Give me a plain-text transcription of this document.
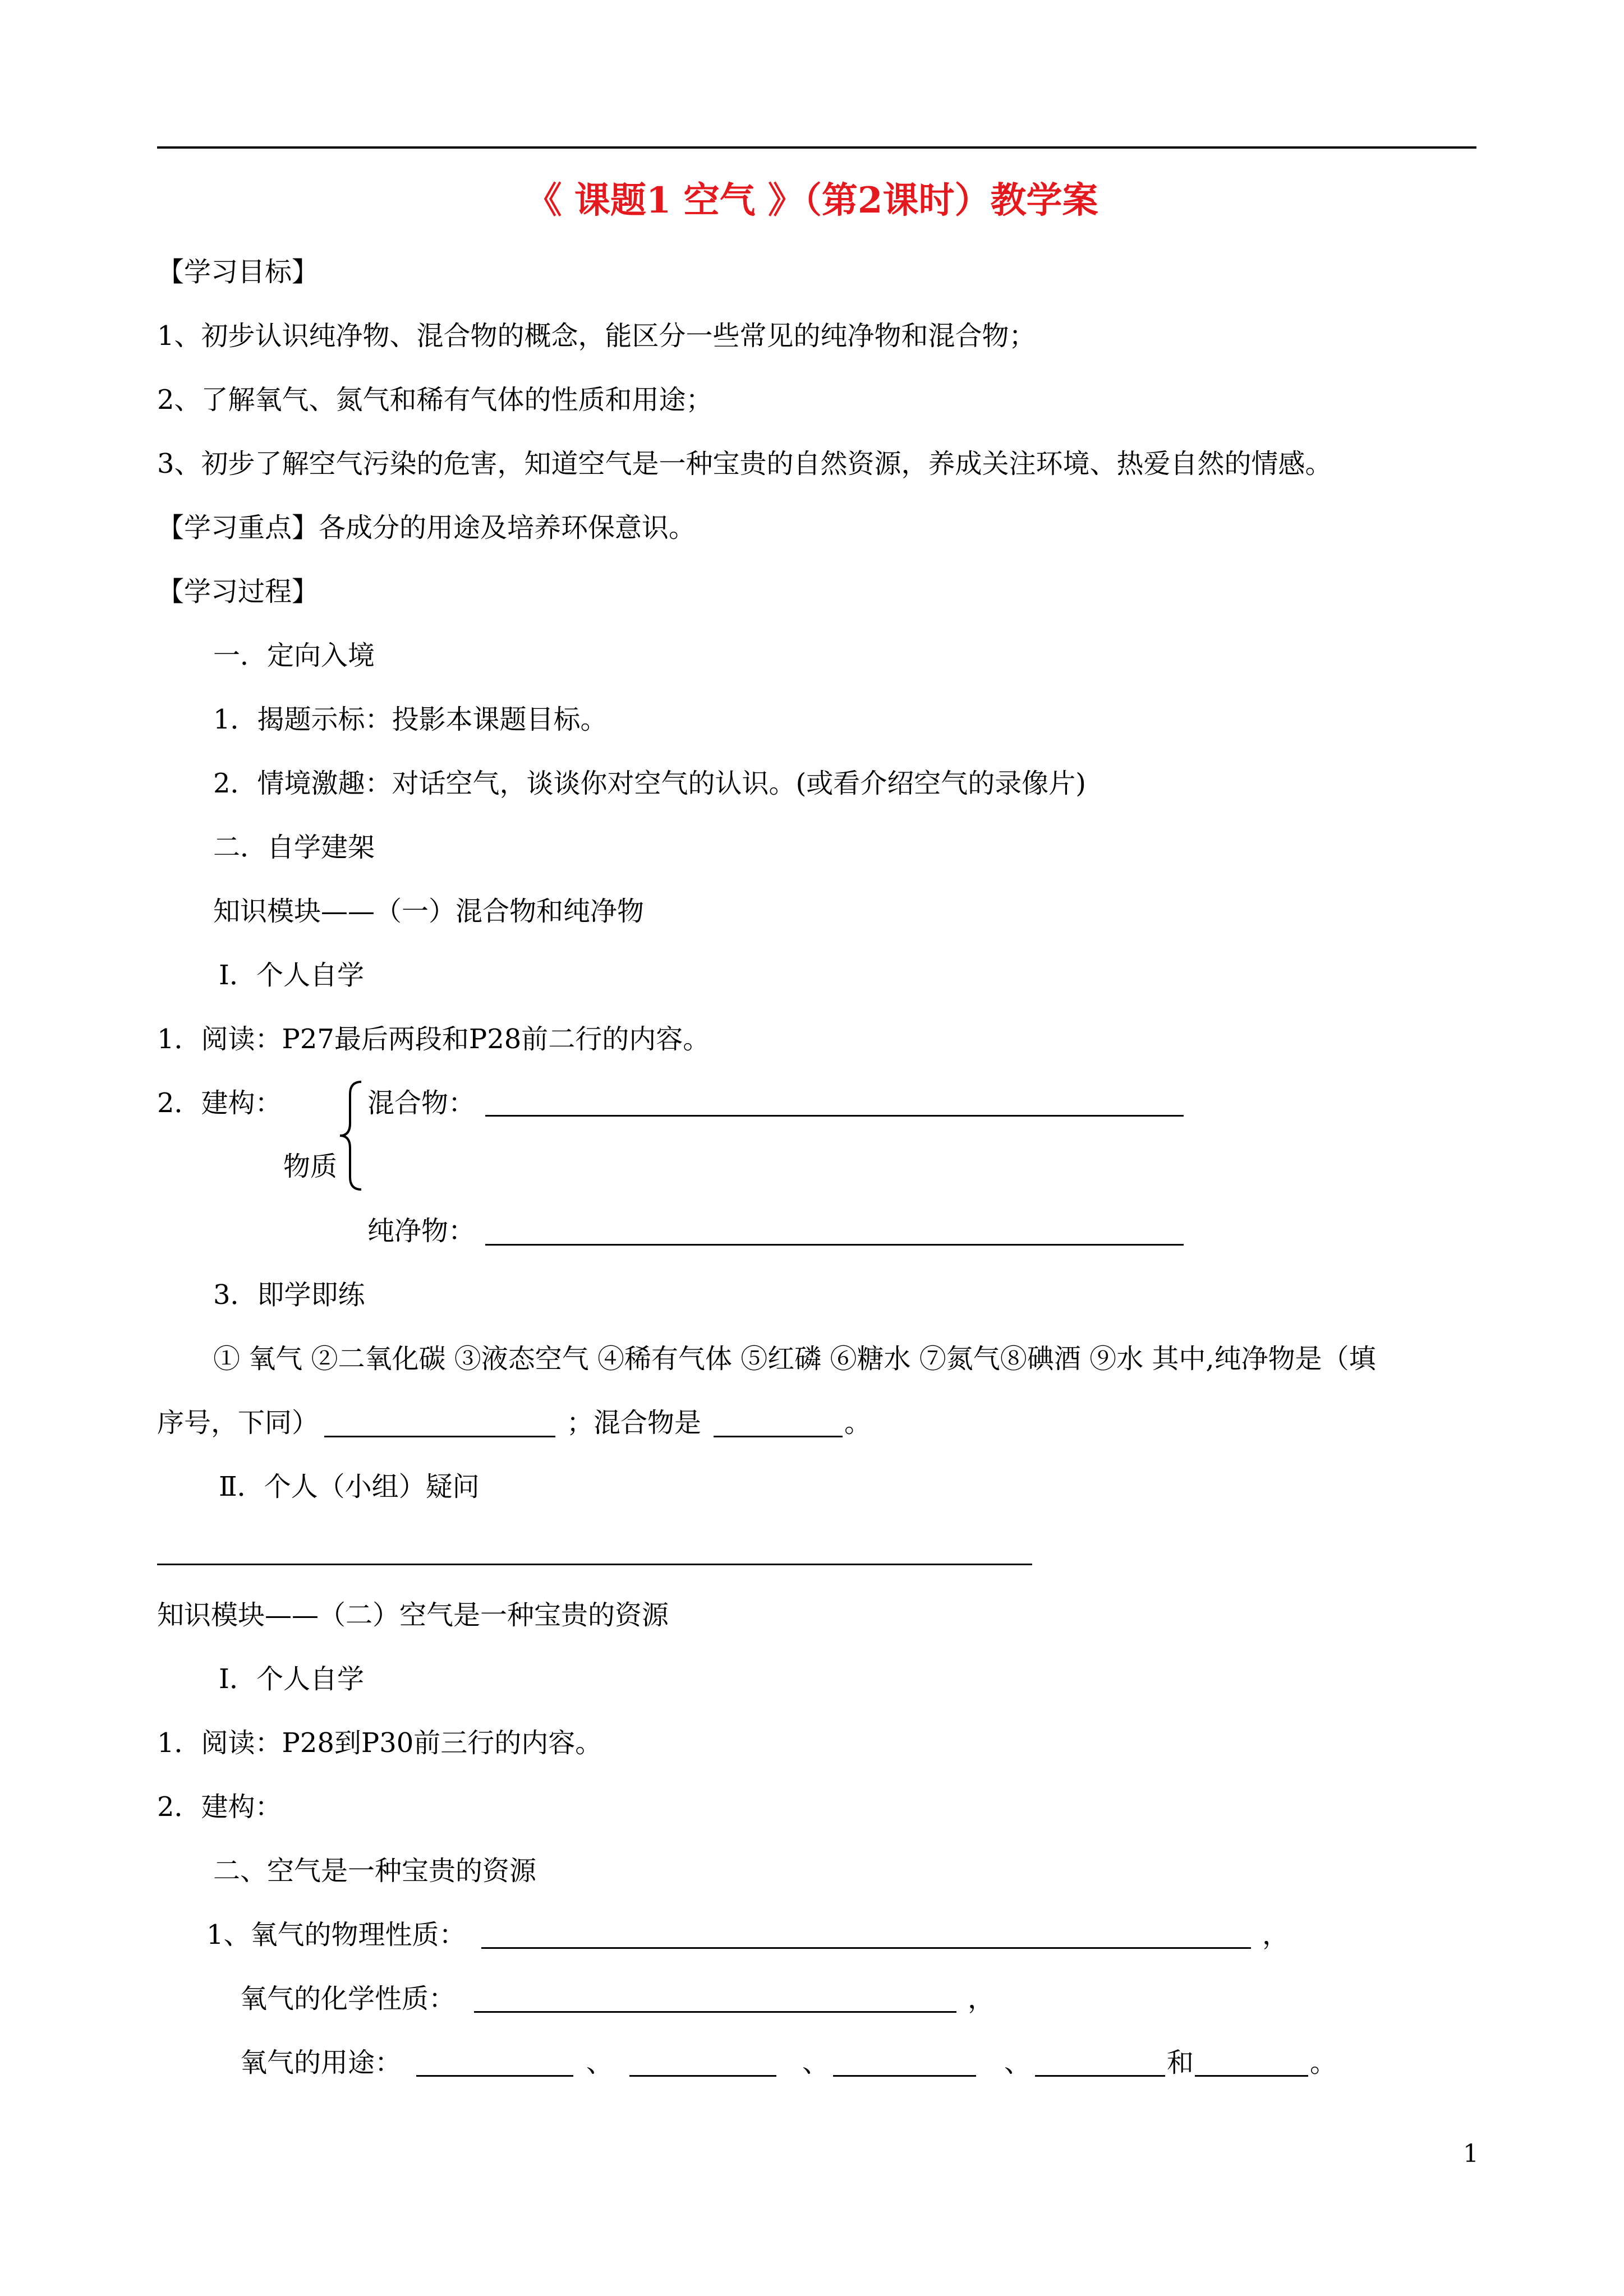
《 课题1 空气 》（第2课时）教学案
【学习目标】
1、初步认识纯净物、混合物的概念，能区分一些常见的纯净物和混合物；
2、了解氧气、氮气和稀有气体的性质和用途；
3、初步了解空气污染的危害，知道空气是一种宝贵的自然资源，养成关注环境、热爱自然的情感。
【学习重点】各成分的用途及培养环保意识。
【学习过程】
一．定向入境
1．揭题示标：投影本课题目标。
2．情境激趣：对话空气，谈谈你对空气的认识。(或看介绍空气的录像片)
二．自学建架
知识模块——（一）混合物和纯净物
Ⅰ．个人自学
1．阅读：P27最后两段和P28前二行的内容。
2．建构：	混合物：
物质
纯净物：
3．即学即练
① 氧气 ②二氧化碳 ③液态空气 ④稀有气体 ⑤红磷 ⑥糖水 ⑦氮气⑧碘酒 ⑨水 其中,纯净物是（填
序号，下同）	；混合物是	。
Ⅱ．个人（小组）疑问
知识模块——（二）空气是一种宝贵的资源
Ⅰ．个人自学
1．阅读：P28到P30前三行的内容。
2．建构：
二、空气是一种宝贵的资源
1、氧气的物理性质：	，
氧气的化学性质：	，
氧气的用途：	、	、	、	和	。
1
